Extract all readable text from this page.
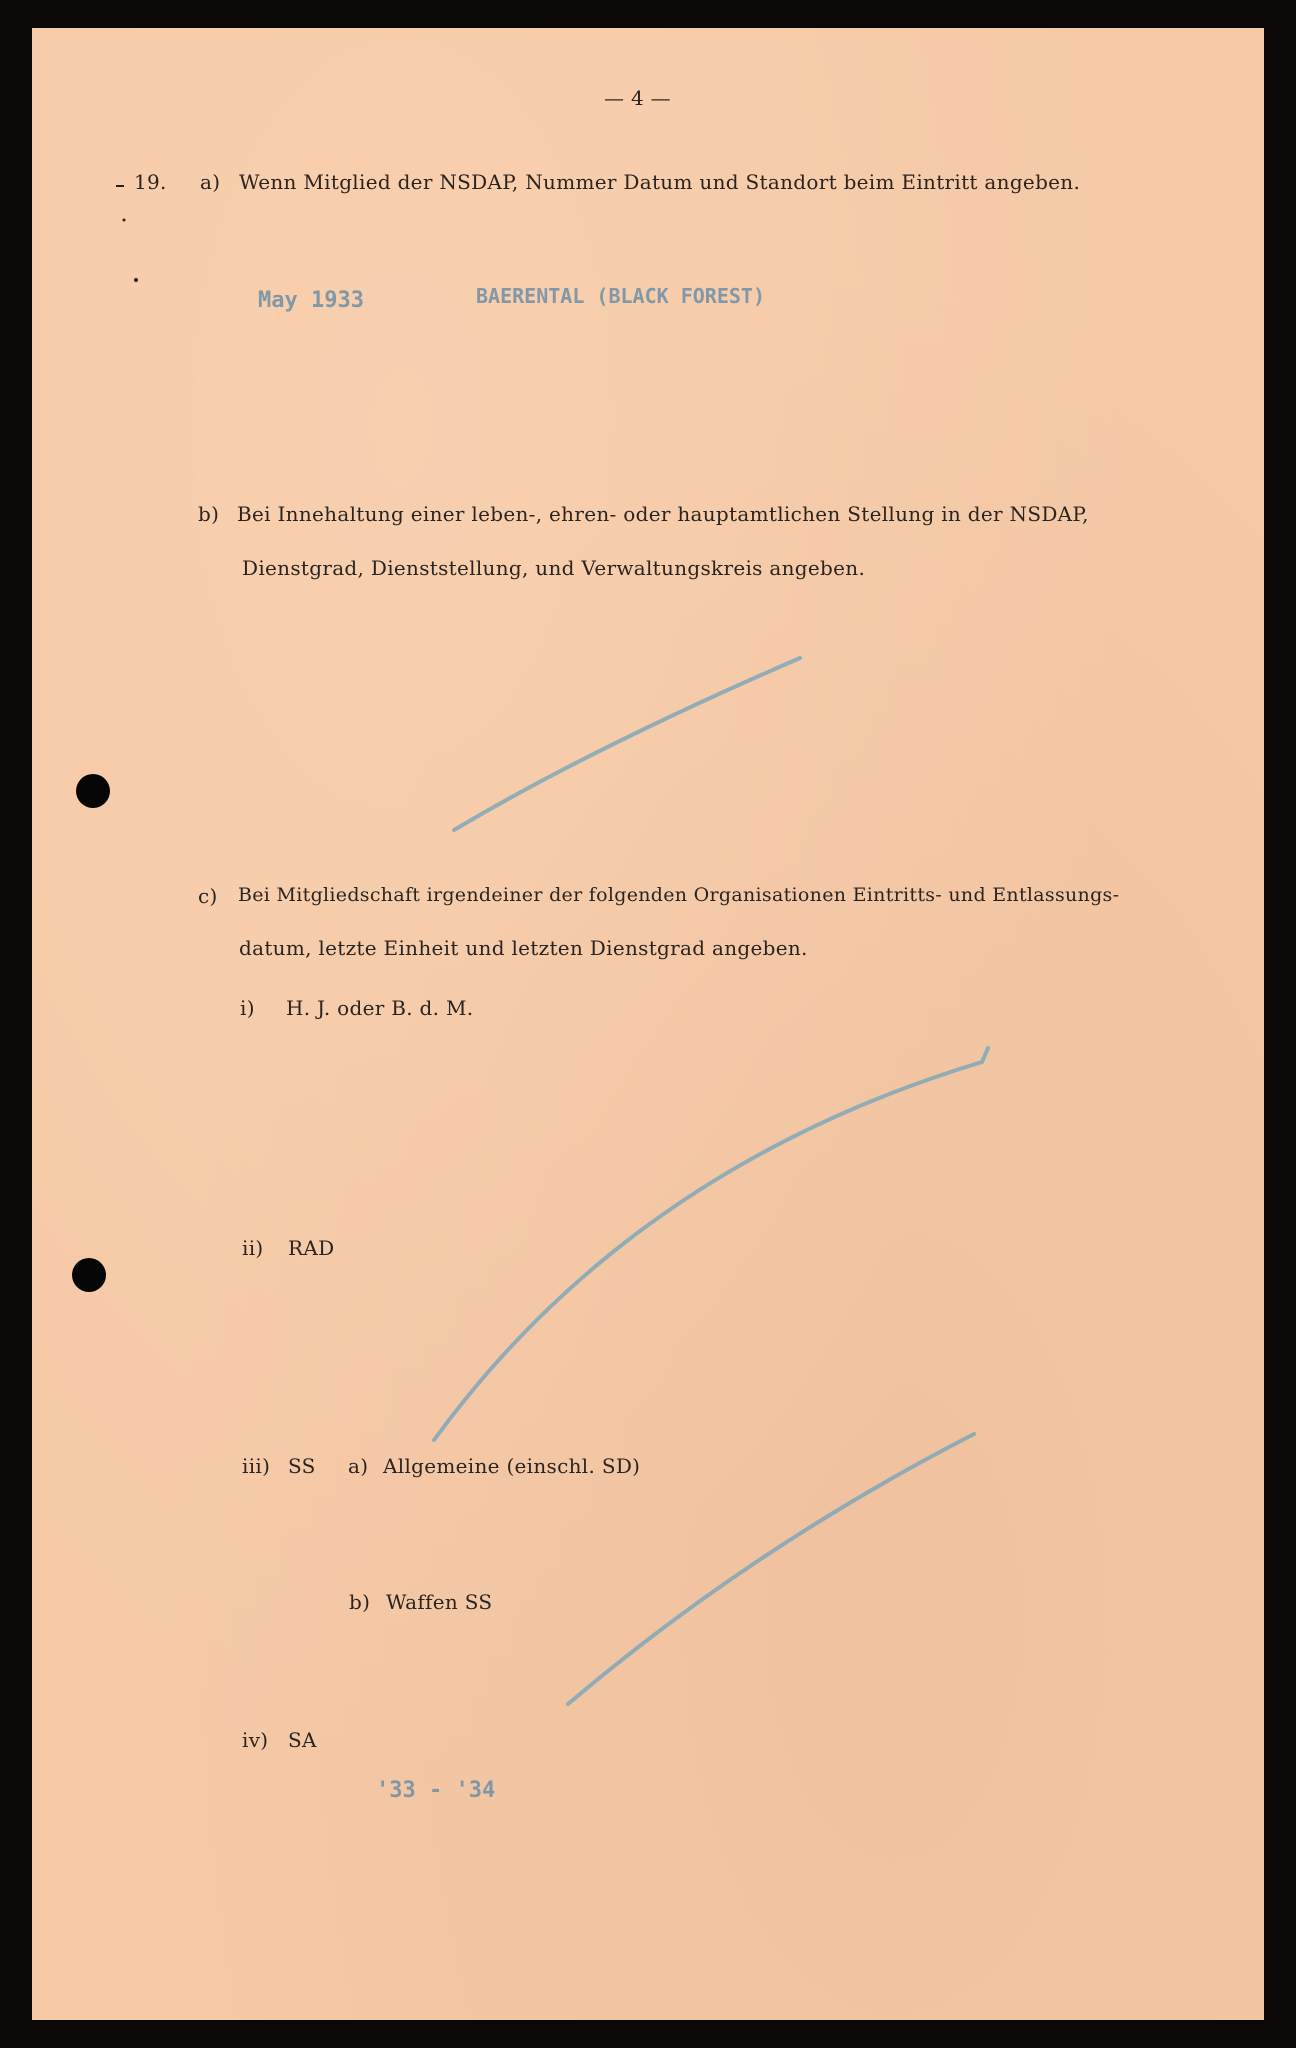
— 4 —
19. a) Wenn Mitglied der NSDAP, Nummer Datum und Standort beim Eintritt angeben.
May 1933	BAERENTAL (BLACK FOREST)
b) Bei Innehaltung einer leben-, ehren- oder hauptamtlichen Stellung in der NSDAP,
Dienstgrad, Dienststellung, und Verwaltungskreis angeben.
c) Bei Mitgliedschaft irgendeiner der folgenden Organisationen Eintritts- und Entlassungs-
datum, letzte Einheit und letzten Dienstgrad angeben.
i) H. J. oder B. d. M.
ii) RAD
iii) SS a) Allgemeine (einschl. SD)
b) Waffen SS
iv) SA
'33 - '34
